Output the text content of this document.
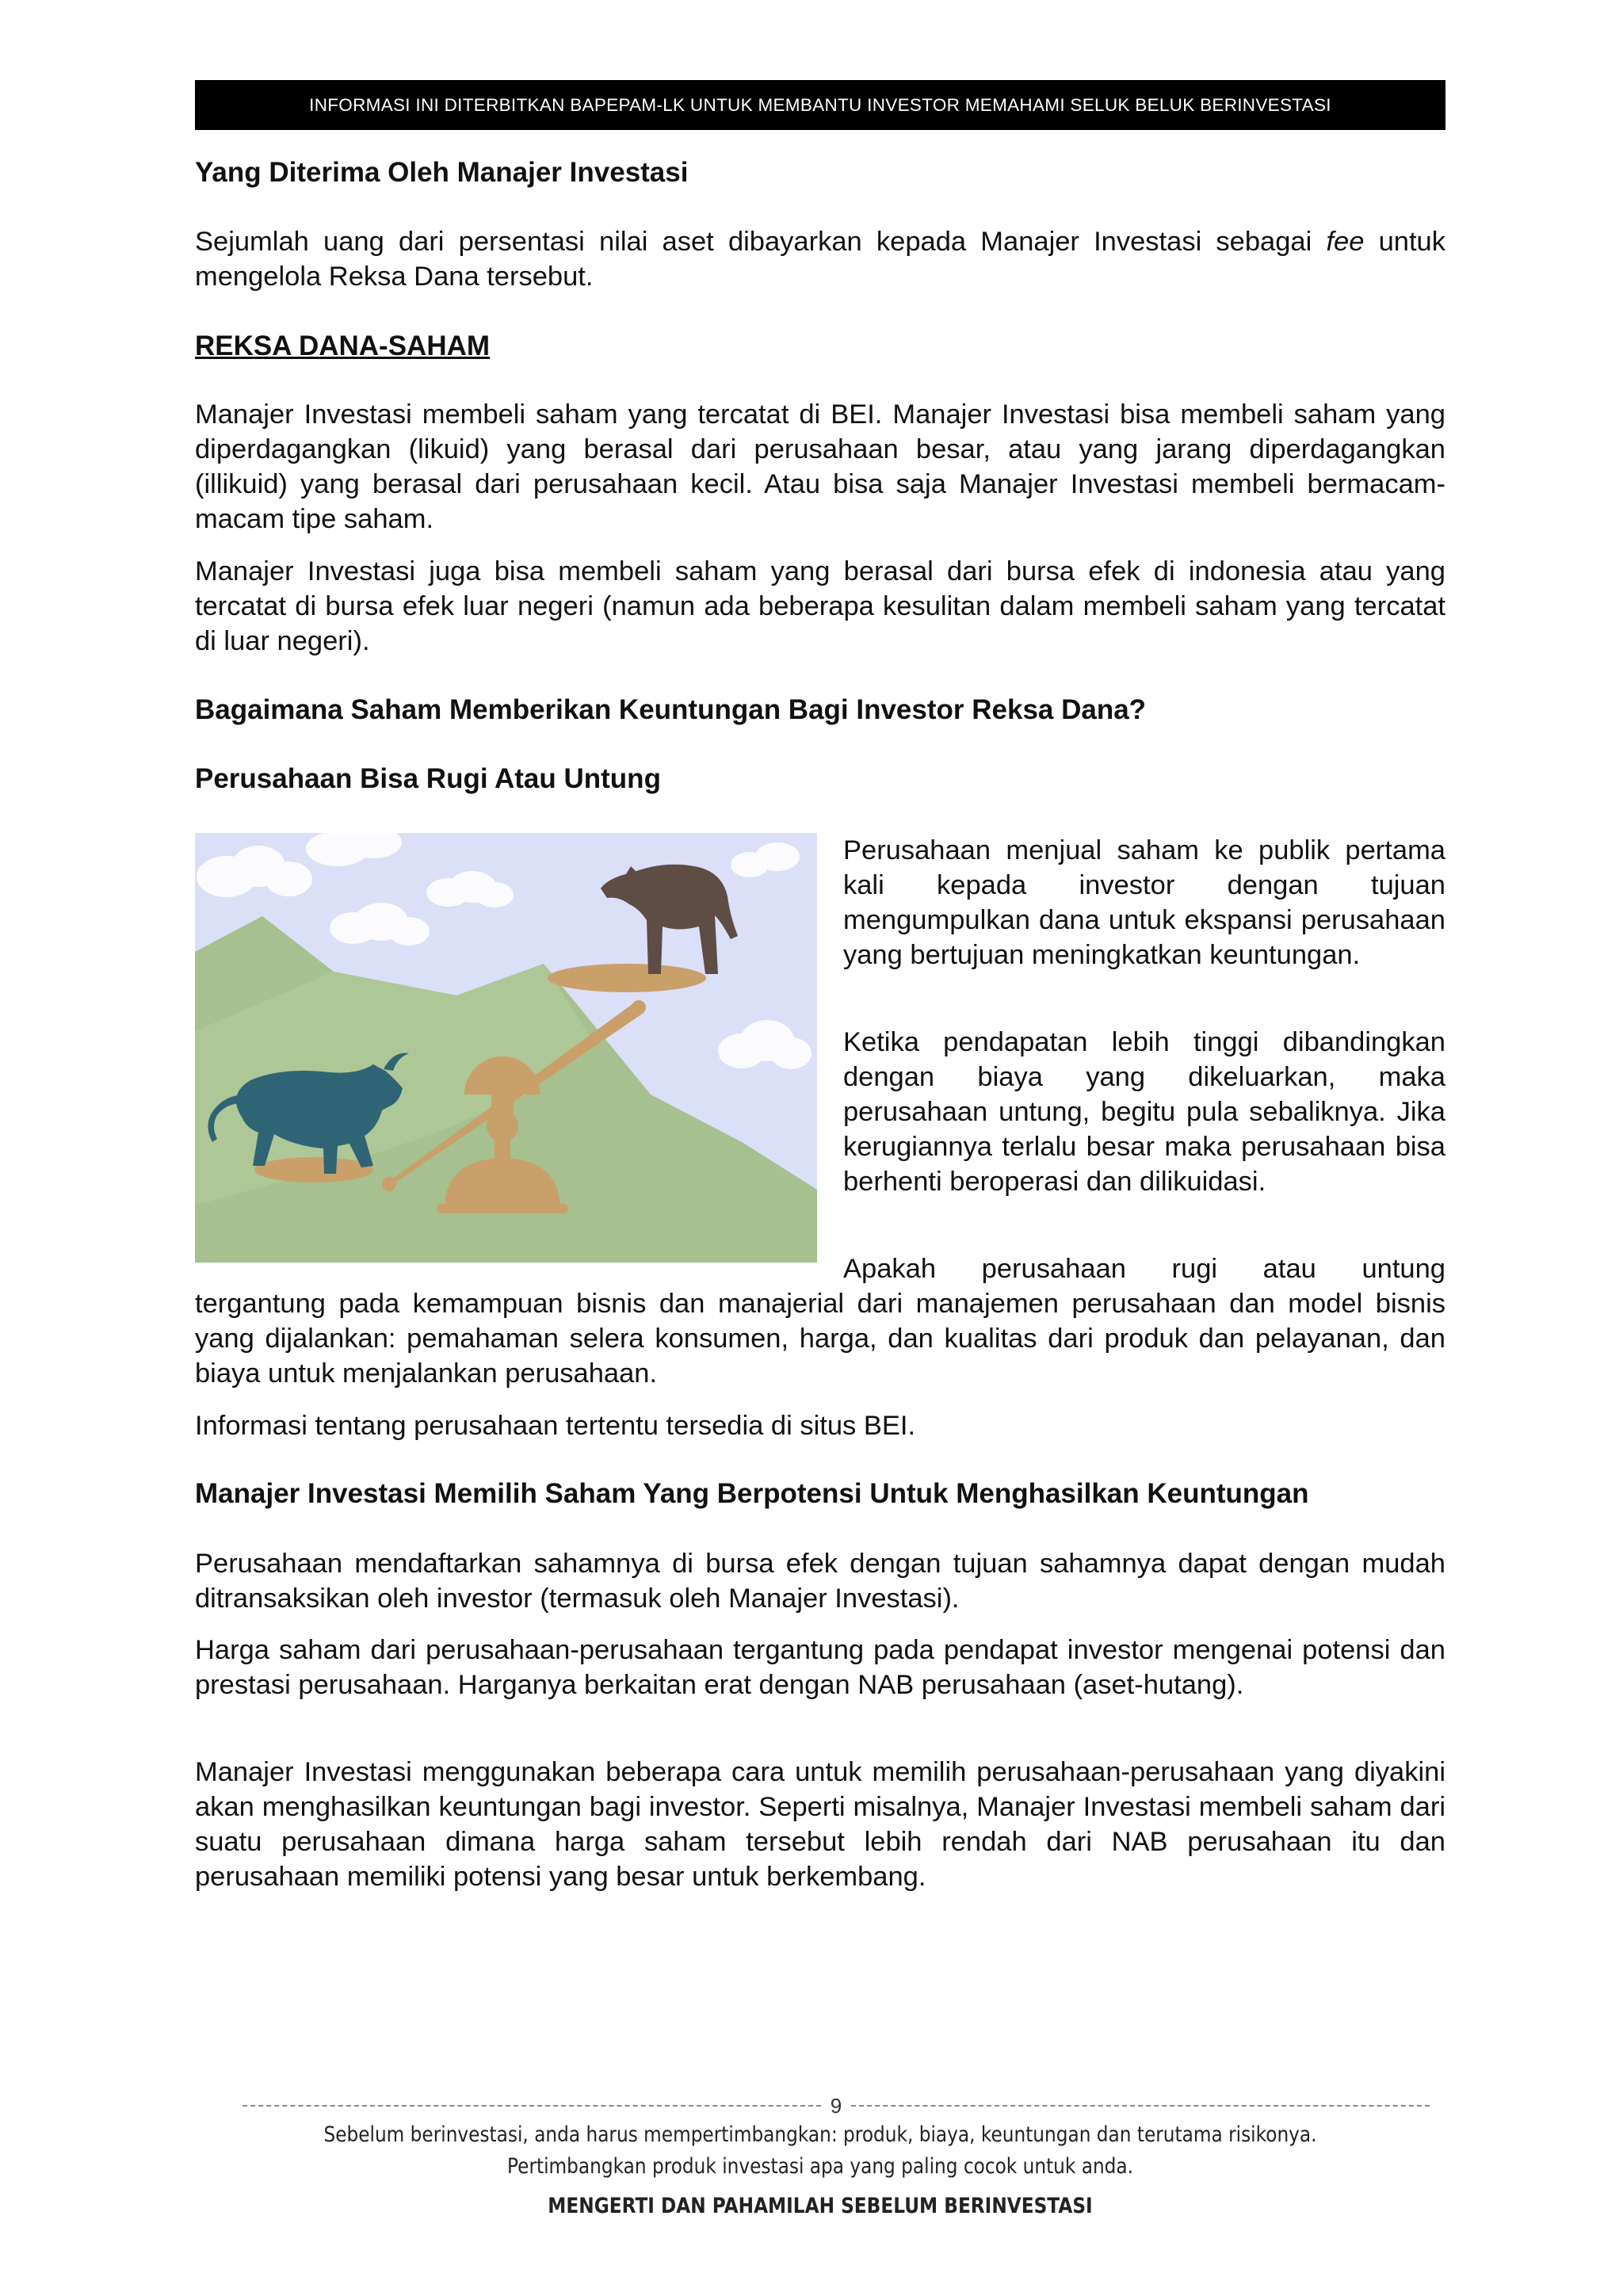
INFORMASI INI DITERBITKAN BAPEPAM-LK UNTUK MEMBANTU INVESTOR MEMAHAMI SELUK BELUK BERINVESTASI
Yang Diterima Oleh Manajer Investasi

Sejumlah uang dari persentasi nilai aset dibayarkan kepada Manajer Investasi sebagai fee untuk mengelola Reksa Dana tersebut.

REKSA DANA-SAHAM

Manajer Investasi membeli saham yang tercatat di BEI. Manajer Investasi bisa membeli saham yang diperdagangkan (likuid) yang berasal dari perusahaan besar, atau yang jarang diperdagangkan (illikuid) yang berasal dari perusahaan kecil. Atau bisa saja Manajer Investasi membeli bermacam-macam tipe saham.

Manajer Investasi juga bisa membeli saham yang berasal dari bursa efek di indonesia atau yang tercatat di bursa efek luar negeri (namun ada beberapa kesulitan dalam membeli saham yang tercatat di luar negeri).

Bagaimana Saham Memberikan Keuntungan Bagi Investor Reksa Dana?
Perusahaan Bisa Rugi Atau Untung

Perusahaan menjual saham ke publik pertama kali kepada investor dengan tujuan mengumpulkan dana untuk ekspansi perusahaan yang bertujuan meningkatkan keuntungan.

Ketika pendapatan lebih tinggi dibandingkan dengan biaya yang dikeluarkan, maka perusahaan untung, begitu pula sebaliknya. Jika kerugiannya terlalu besar maka perusahaan bisa berhenti beroperasi dan dilikuidasi.

Apakah perusahaan rugi atau untung

tergantung pada kemampuan bisnis dan manajerial dari manajemen perusahaan dan model bisnis yang dijalankan: pemahaman selera konsumen, harga, dan kualitas dari produk dan pelayanan, dan biaya untuk menjalankan perusahaan.

Informasi tentang perusahaan tertentu tersedia di situs BEI.

Manajer Investasi Memilih Saham Yang Berpotensi Untuk Menghasilkan Keuntungan

Perusahaan mendaftarkan sahamnya di bursa efek dengan tujuan sahamnya dapat dengan mudah ditransaksikan oleh investor (termasuk oleh Manajer Investasi).

Harga saham dari perusahaan-perusahaan tergantung pada pendapat investor mengenai potensi dan prestasi perusahaan. Harganya berkaitan erat dengan NAB perusahaan (aset-hutang).

Manajer Investasi menggunakan beberapa cara untuk memilih perusahaan-perusahaan yang diyakini akan menghasilkan keuntungan bagi investor. Seperti misalnya, Manajer Investasi membeli saham dari suatu perusahaan dimana harga saham tersebut lebih rendah dari NAB perusahaan itu dan perusahaan memiliki potensi yang besar untuk berkembang.

9
Sebelum berinvestasi, anda harus mempertimbangkan: produk, biaya, keuntungan dan terutama risikonya.
Pertimbangkan produk investasi apa yang paling cocok untuk anda.
MENGERTI DAN PAHAMILAH SEBELUM BERINVESTASI
